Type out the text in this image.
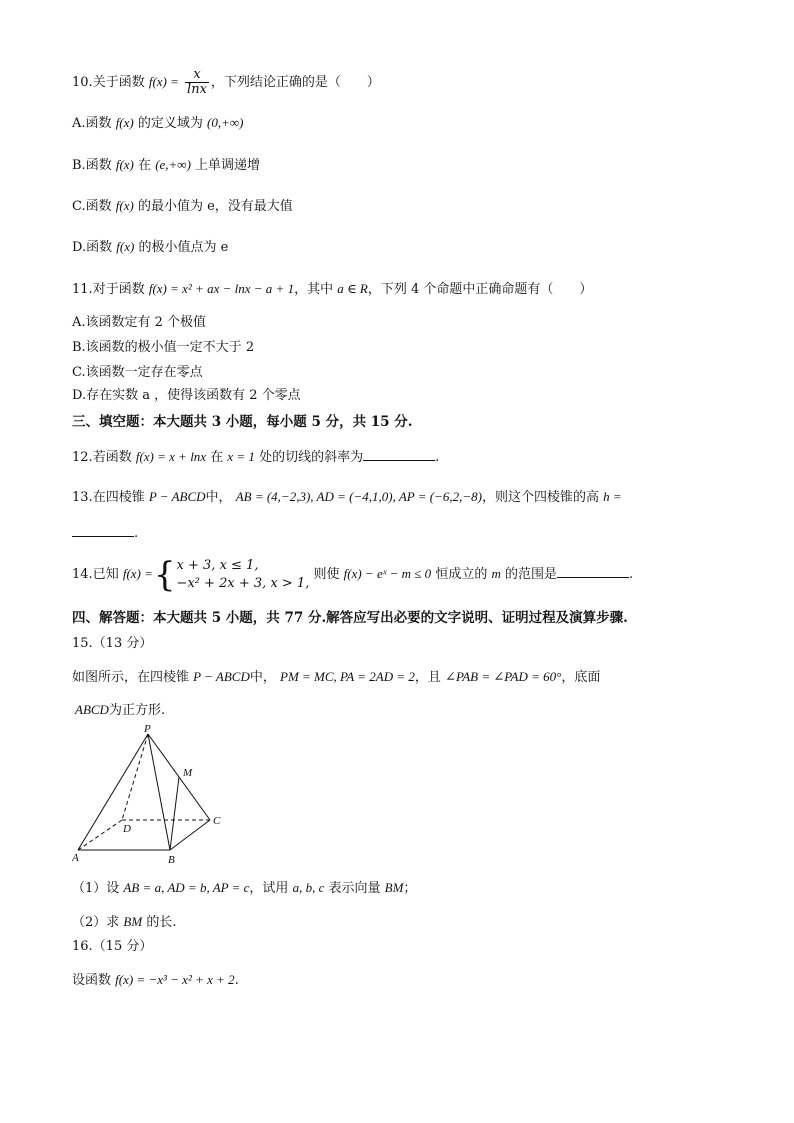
10.关于函数 $f(x) = \frac{x}{\ln x}$ ，下列结论正确的是（　　）
A.函数 f(x) 的定义域为 (0,+∞)
B.函数 f(x) 在 (e,+∞) 上单调递增
C.函数 f(x) 的最小值为 e，没有最大值
D.函数 f(x) 的极小值点为 e
11.对于函数 f(x) = x² + ax − lnx − a + 1，其中 a ∈ R，下列 4 个命题中正确命题有（　　）
A.该函数定有 2 个极值
B.该函数的极小值一定不大于 2
C.该函数一定存在零点
D.存在实数 a ，使得该函数有 2 个零点
三、填空题：本大题共 3 小题，每小题 5 分，共 15 分.
12.若函数 f(x) = x + lnx 在 x = 1 处的切线的斜率为	.
13.在四棱锥 P − ABCD中， AB = (4,−2,3), AD = (−4,1,0), AP = (−6,2,−8)，则这个四棱锥的高 h =
.
14.已知 f(x) ={ x + 3, x ≤ 1,
−x² + 2x + 3, x > 1,
则使 f(x) − eˣ − m ≤ 0 恒成立的 m 的范围是	.
四、解答题：本大题共 5 小题，共 77 分.解答应写出必要的文字说明、证明过程及演算步骤.
15.（13 分）
如图所示，在四棱锥 P − ABCD中， PM = MC, PA = 2AD = 2，且 ∠PAB = ∠PAD = 60°，底面
ABCD为正方形.
P
M
D
C
A	B
（1）设 AB = a, AD = b, AP = c，试用 a, b, c 表示向量 BM；
（2）求 BM 的长.
16.（15 分）
设函数 f(x) = −x³ − x² + x + 2.
